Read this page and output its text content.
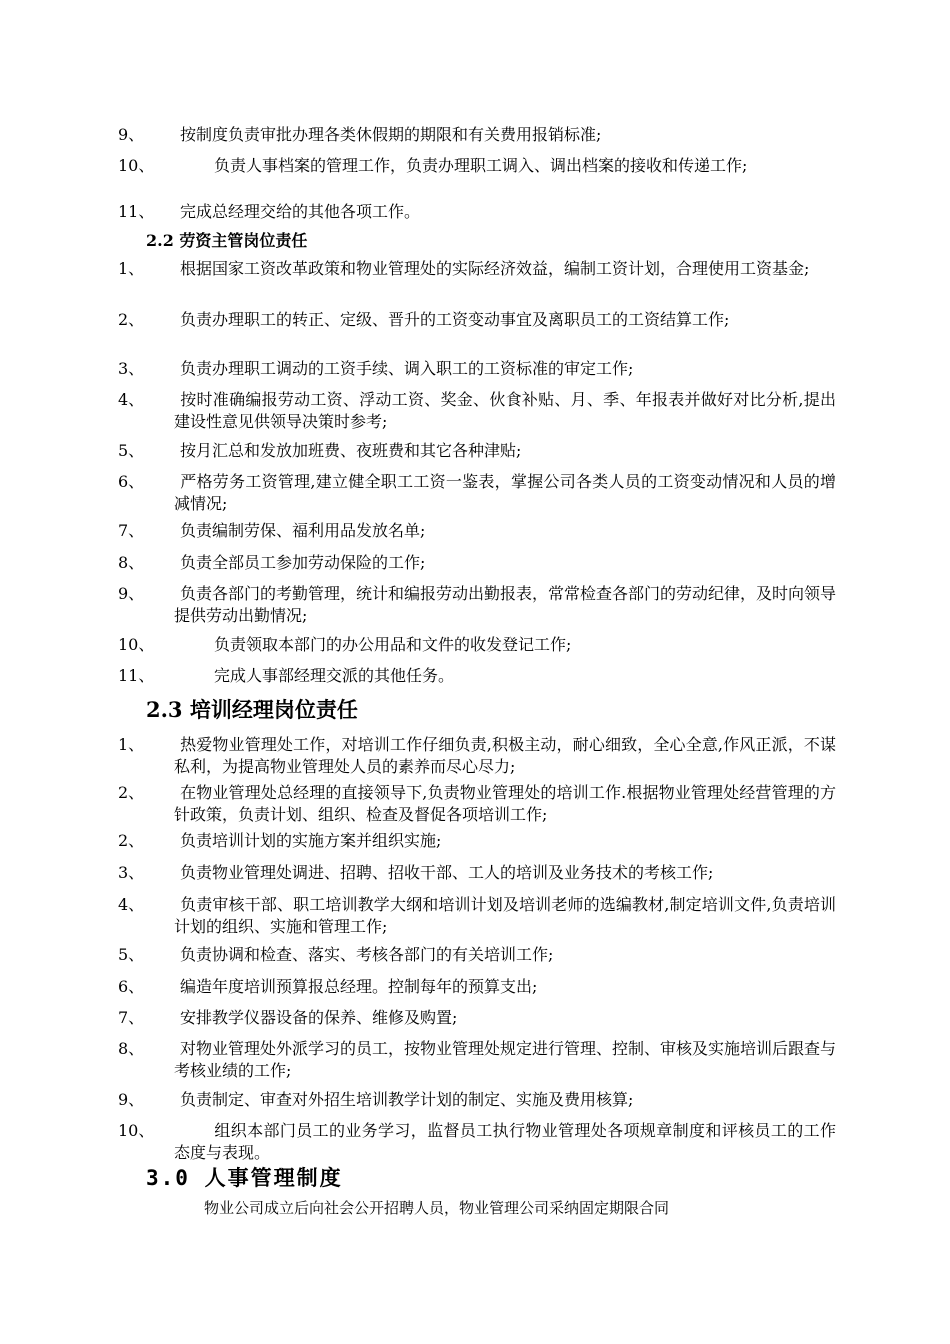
9、 按制度负责审批办理各类休假期的期限和有关费用报销标准;
10、	负责人事档案的管理工作，负责办理职工调入、调出档案的接收和传递工作;
11、 完成总经理交给的其他各项工作。
2.2 劳资主管岗位责任
1、 根据国家工资改革政策和物业管理处的实际经济效益，编制工资计划，合理使用工资基金;
2、 负责办理职工的转正、定级、晋升的工资变动事宜及离职员工的工资结算工作;
3、 负责办理职工调动的工资手续、调入职工的工资标准的审定工作;
4、 按时准确编报劳动工资、浮动工资、奖金、伙食补贴、月、季、年报表并做好对比分析,提出建设性意见供领导决策时参考;
5、 按月汇总和发放加班费、夜班费和其它各种津贴;
6、 严格劳务工资管理,建立健全职工工资一鉴表，掌握公司各类人员的工资变动情况和人员的增减情况;
7、 负责编制劳保、福利用品发放名单;
8、 负责全部员工参加劳动保险的工作;
9、 负责各部门的考勤管理，统计和编报劳动出勤报表，常常检查各部门的劳动纪律，及时向领导提供劳动出勤情况;
10、	负责领取本部门的办公用品和文件的收发登记工作;
11、	完成人事部经理交派的其他任务。
2.3 培训经理岗位责任
1、 热爱物业管理处工作，对培训工作仔细负责,积极主动，耐心细致，全心全意,作风正派，不谋私利，为提高物业管理处人员的素养而尽心尽力;
2、 在物业管理处总经理的直接领导下,负责物业管理处的培训工作.根据物业管理处经营管理的方针政策，负责计划、组织、检查及督促各项培训工作;
2、 负责培训计划的实施方案并组织实施;
3、 负责物业管理处调进、招聘、招收干部、工人的培训及业务技术的考核工作;
4、 负责审核干部、职工培训教学大纲和培训计划及培训老师的选编教材,制定培训文件,负责培训计划的组织、实施和管理工作;
5、 负责协调和检查、落实、考核各部门的有关培训工作;
6、 编造年度培训预算报总经理。控制每年的预算支出;
7、 安排教学仪器设备的保养、维修及购置;
8、 对物业管理处外派学习的员工，按物业管理处规定进行管理、控制、审核及实施培训后跟查与考核业绩的工作;
9、 负责制定、审查对外招生培训教学计划的制定、实施及费用核算;
10、	组织本部门员工的业务学习，监督员工执行物业管理处各项规章制度和评核员工的工作态度与表现。
3.0 人事管理制度
物业公司成立后向社会公开招聘人员，物业管理公司采纳固定期限合同
